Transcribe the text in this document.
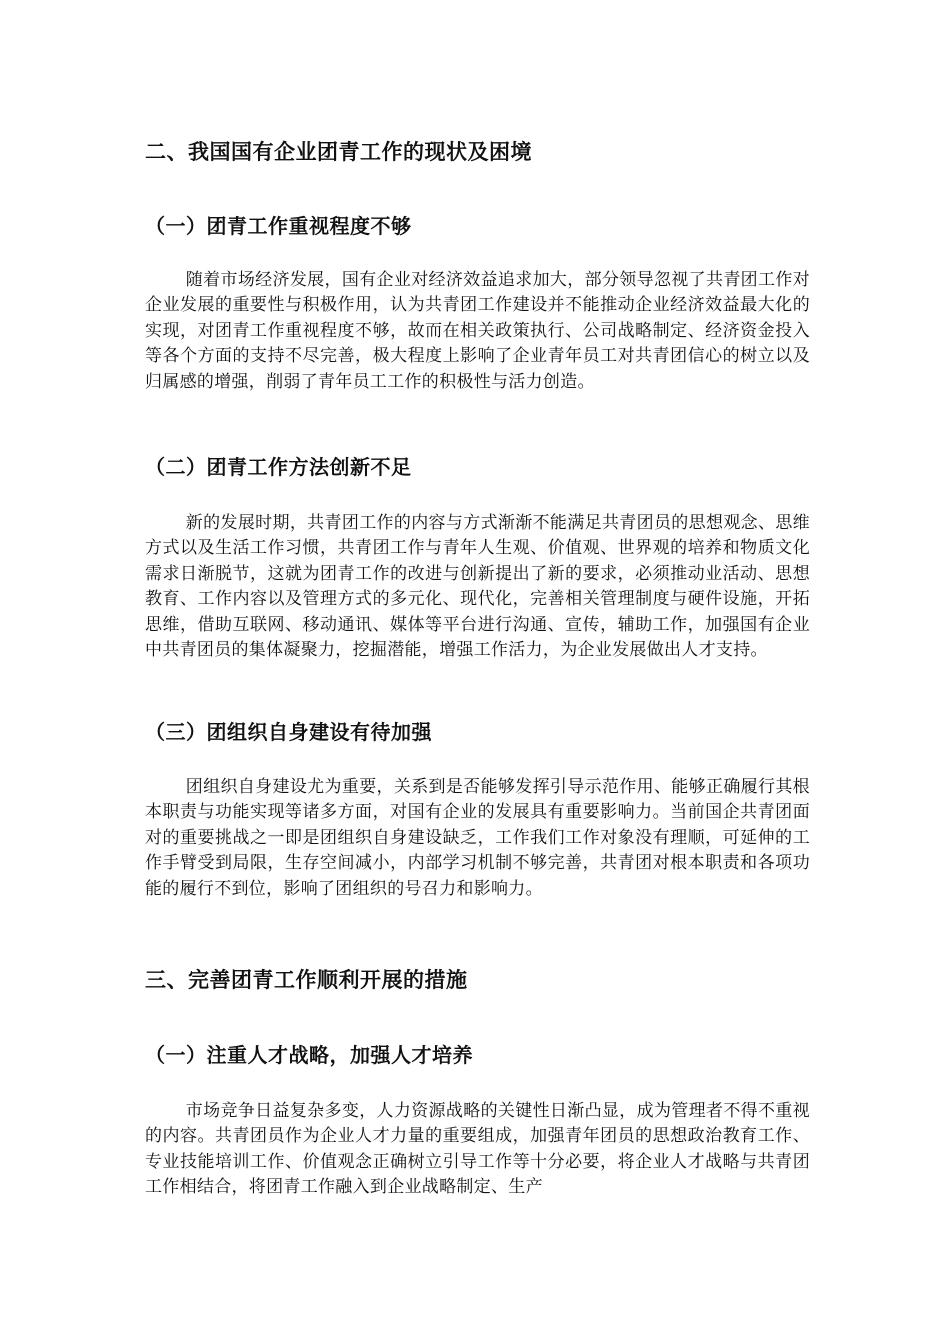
二、我国国有企业团青工作的现状及困境
（一）团青工作重视程度不够

随着市场经济发展，国有企业对经济效益追求加大，部分领导忽视了共青团工作对企业发展的重要性与积极作用，认为共青团工作建设并不能推动企业经济效益最大化的实现，对团青工作重视程度不够，故而在相关政策执行、公司战略制定、经济资金投入等各个方面的支持不尽完善，极大程度上影响了企业青年员工对共青团信心的树立以及归属感的增强，削弱了青年员工工作的积极性与活力创造。

（二）团青工作方法创新不足

新的发展时期，共青团工作的内容与方式渐渐不能满足共青团员的思想观念、思维方式以及生活工作习惯，共青团工作与青年人生观、价值观、世界观的培养和物质文化需求日渐脱节，这就为团青工作的改进与创新提出了新的要求，必须推动业活动、思想教育、工作内容以及管理方式的多元化、现代化，完善相关管理制度与硬件设施，开拓思维，借助互联网、移动通讯、媒体等平台进行沟通、宣传，辅助工作，加强国有企业中共青团员的集体凝聚力，挖掘潜能，增强工作活力，为企业发展做出人才支持。

（三）团组织自身建设有待加强

团组织自身建设尤为重要，关系到是否能够发挥引导示范作用、能够正确履行其根本职责与功能实现等诸多方面，对国有企业的发展具有重要影响力。当前国企共青团面对的重要挑战之一即是团组织自身建设缺乏，工作我们工作对象没有理顺，可延伸的工作手臂受到局限，生存空间减小，内部学习机制不够完善，共青团对根本职责和各项功能的履行不到位，影响了团组织的号召力和影响力。

三、完善团青工作顺利开展的措施
（一）注重人才战略，加强人才培养

市场竞争日益复杂多变，人力资源战略的关键性日渐凸显，成为管理者不得不重视的内容。共青团员作为企业人才力量的重要组成，加强青年团员的思想政治教育工作、专业技能培训工作、价值观念正确树立引导工作等十分必要，将企业人才战略与共青团工作相结合，将团青工作融入到企业战略制定、生产
